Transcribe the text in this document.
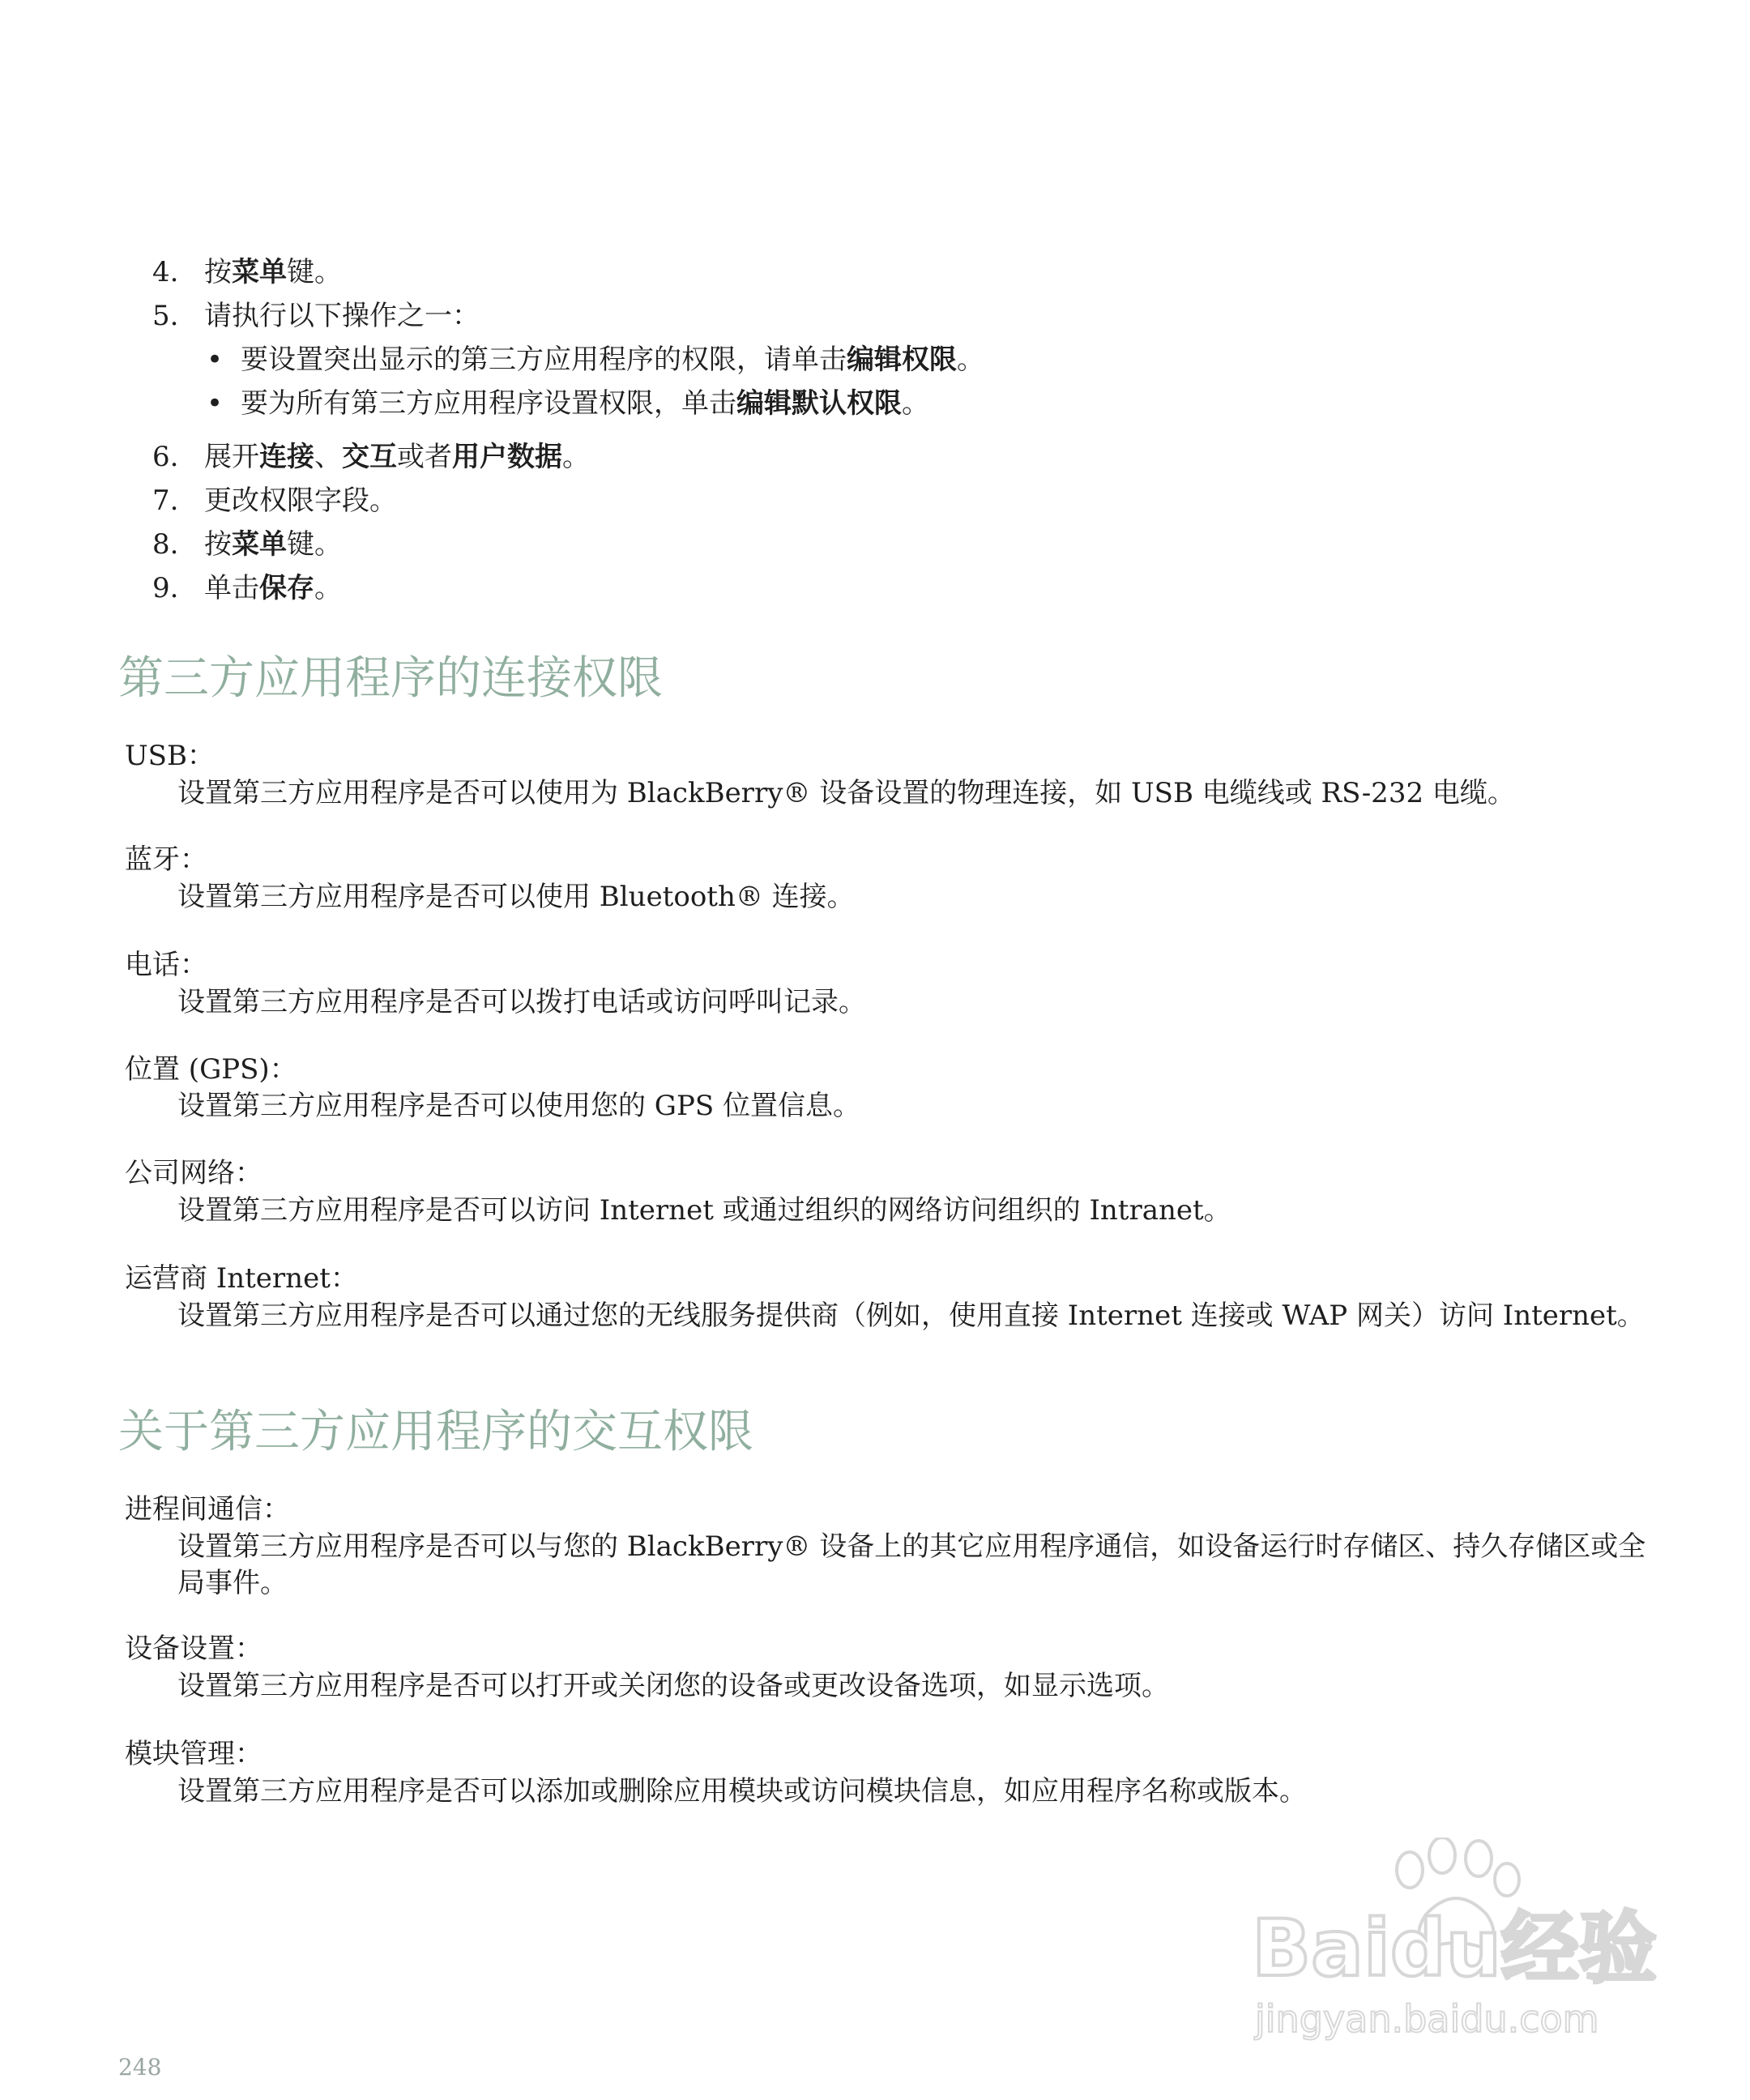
4. 按菜单键。
5. 请执行以下操作之一：
• 要设置突出显示的第三方应用程序的权限，请单击编辑权限。
• 要为所有第三方应用程序设置权限，单击编辑默认权限。
6. 展开连接、交互或者用户数据。
7. 更改权限字段。
8. 按菜单键。
9. 单击保存。
第三方应用程序的连接权限
USB：
设置第三方应用程序是否可以使用为 BlackBerry® 设备设置的物理连接，如 USB 电缆线或 RS-232 电缆。
蓝牙：
设置第三方应用程序是否可以使用 Bluetooth® 连接。
电话：
设置第三方应用程序是否可以拨打电话或访问呼叫记录。
位置 (GPS)：
设置第三方应用程序是否可以使用您的 GPS 位置信息。
公司网络：
设置第三方应用程序是否可以访问 Internet 或通过组织的网络访问组织的 Intranet。
运营商 Internet：
设置第三方应用程序是否可以通过您的无线服务提供商（例如，使用直接 Internet 连接或 WAP 网关）访问 Internet。
关于第三方应用程序的交互权限
进程间通信：
设置第三方应用程序是否可以与您的 BlackBerry® 设备上的其它应用程序通信，如设备运行时存储区、持久存储区或全局事件。
设备设置：
设置第三方应用程序是否可以打开或关闭您的设备或更改设备选项，如显示选项。
模块管理：
设置第三方应用程序是否可以添加或删除应用模块或访问模块信息，如应用程序名称或版本。
248
Baidu经验
jingyan.baidu.com
